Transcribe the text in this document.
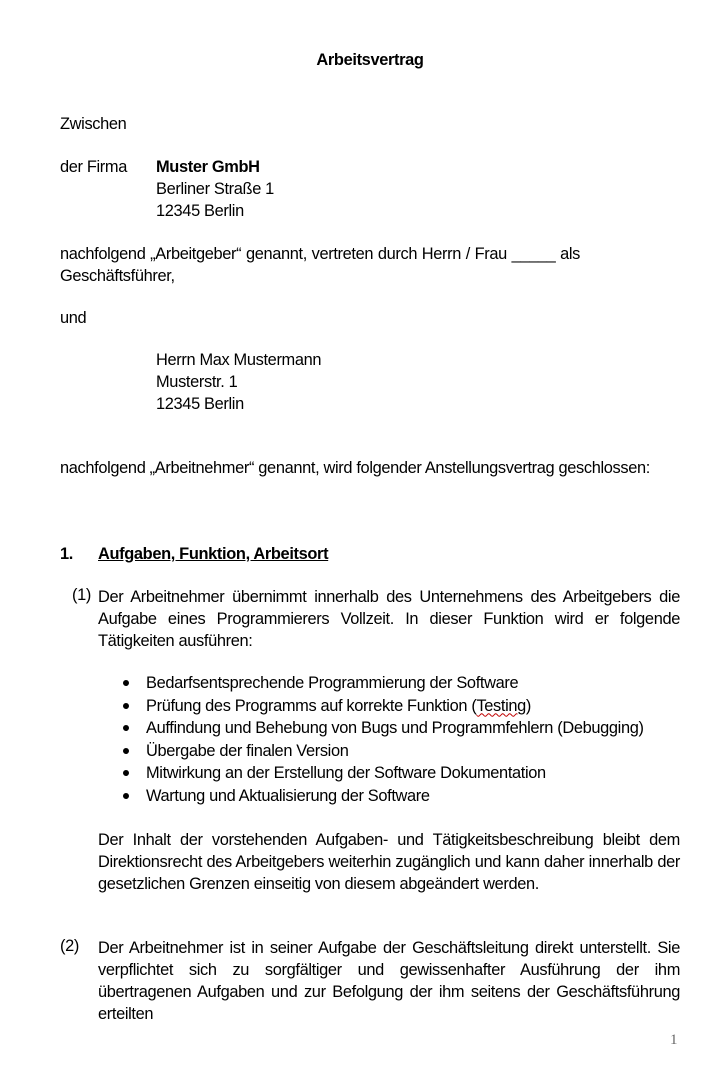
Arbeitsvertrag
Zwischen
der Firma Muster GmbH
Berliner Straße 1
12345 Berlin
nachfolgend „Arbeitgeber“ genannt, vertreten durch Herrn / Frau _____ als Geschäftsführer,
und
Herrn Max Mustermann
Musterstr. 1
12345 Berlin
nachfolgend „Arbeitnehmer“ genannt, wird folgender Anstellungsvertrag geschlossen:
1. Aufgaben, Funktion, Arbeitsort
(1) Der Arbeitnehmer übernimmt innerhalb des Unternehmens des Arbeitgebers die Aufgabe eines Programmierers Vollzeit. In dieser Funktion wird er folgende Tätigkeiten ausführen:
Bedarfsentsprechende Programmierung der Software
Prüfung des Programms auf korrekte Funktion (Testing)
Auffindung und Behebung von Bugs und Programmfehlern (Debugging)
Übergabe der finalen Version
Mitwirkung an der Erstellung der Software Dokumentation
Wartung und Aktualisierung der Software
Der Inhalt der vorstehenden Aufgaben- und Tätigkeitsbeschreibung bleibt dem Direktionsrecht des Arbeitgebers weiterhin zugänglich und kann daher innerhalb der gesetzlichen Grenzen einseitig von diesem abgeändert werden.
(2) Der Arbeitnehmer ist in seiner Aufgabe der Geschäftsleitung direkt unterstellt. Sie verpflichtet sich zu sorgfältiger und gewissenhafter Ausführung der ihm übertragenen Aufgaben und zur Befolgung der ihm seitens der Geschäftsführung erteilten
1
